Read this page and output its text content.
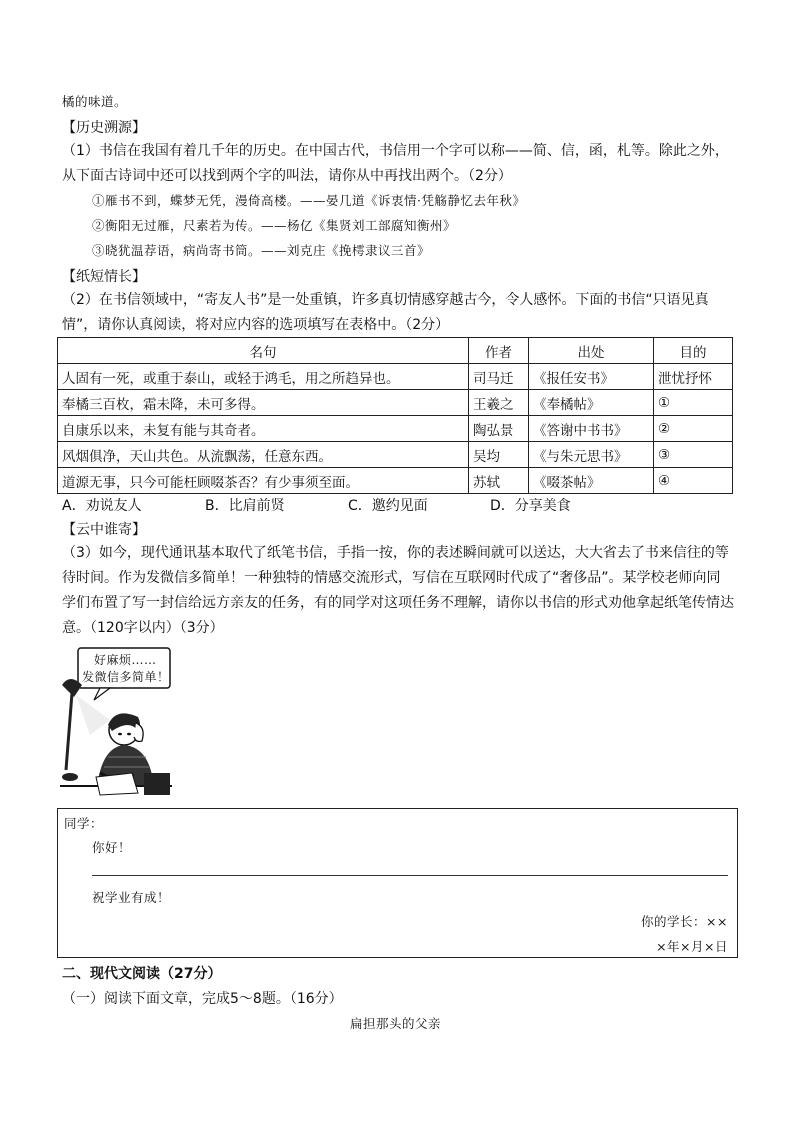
橘的味道。
【历史溯源】
（1）书信在我国有着几千年的历史。在中国古代，书信用一个字可以称——简、信，函，札等。除此之外，
从下面古诗词中还可以找到两个字的叫法，请你从中再找出两个。（2分）
①雁书不到，蝶梦无凭，漫倚高楼。——晏几道《诉衷情·凭觞静忆去年秋》
②衡阳无过雁，尺素若为传。——杨亿《集贤刘工部腐知衡州》
③晓犹温荐语，病尚寄书筒。——刘克庄《挽樗隶议三首》
【纸短情长】
（2）在书信领域中，“寄友人书”是一处重镇，许多真切情感穿越古今，令人感怀。下面的书信“只语见真
情”，请你认真阅读，将对应内容的选项填写在表格中。（2分）
名句	作者	出处	目的
人固有一死，或重于泰山，或轻于鸿毛，用之所趋异也。	司马迁	《报任安书》	泄忧抒怀
奉橘三百枚，霜未降，未可多得。	王羲之	《奉橘帖》	①
自康乐以来，未复有能与其奇者。	陶弘景	《答谢中书书》	②
风烟俱净，天山共色。从流飘荡，任意东西。	吴均	《与朱元思书》	③
道源无事，只今可能枉顾啜茶否？有少事须至面。	苏轼	《啜茶帖》	④
A．劝说友人	B．比肩前贤	C．邀约见面	D．分享美食
【云中谁寄】
（3）如今，现代通讯基本取代了纸笔书信，手指一按，你的表述瞬间就可以送达，大大省去了书来信往的等
待时间。作为发微信多简单！一种独特的情感交流形式，写信在互联网时代成了“奢侈品”。某学校老师向同
学们布置了写一封信给远方亲友的任务，有的同学对这项任务不理解，请你以书信的形式劝他拿起纸笔传情达
意。（120字以内）（3分）
好麻烦……
发微信多简单！
同学：
你好！
祝学业有成！
你的学长：××
×年×月×日
二、现代文阅读（27分）
（一）阅读下面文章，完成5～8题。（16分）
扁担那头的父亲
